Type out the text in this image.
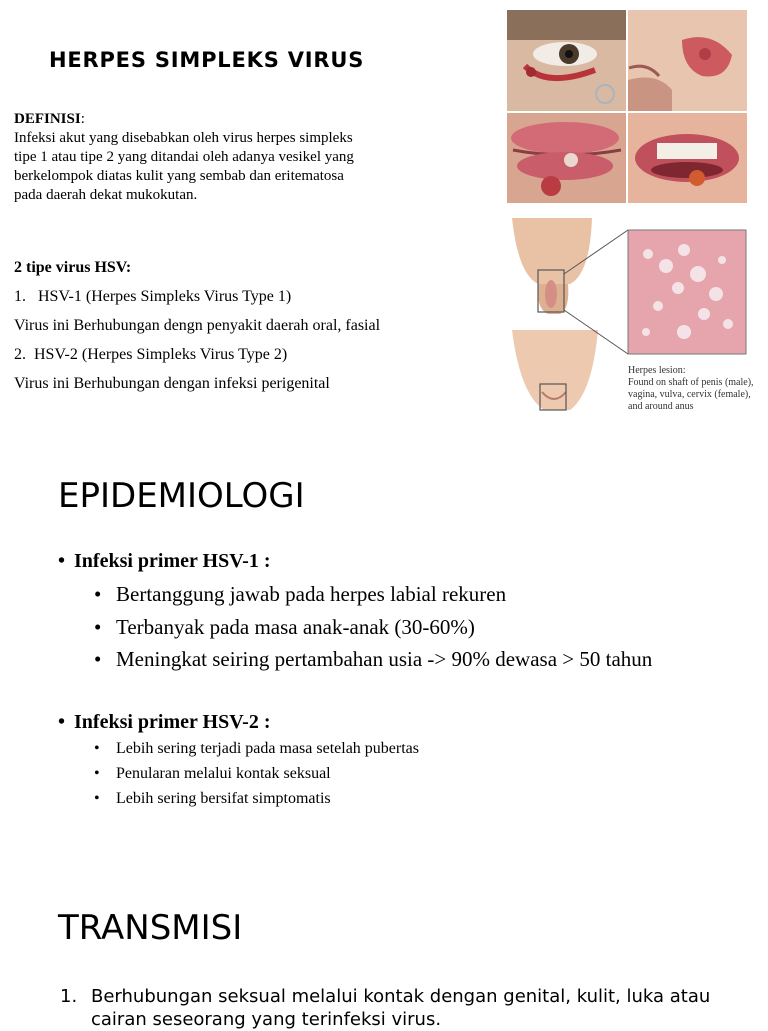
HERPES SIMPLEKS VIRUS
DEFINISI:
Infeksi akut yang disebabkan oleh virus herpes simpleks
tipe 1 atau tipe 2 yang ditandai oleh adanya vesikel yang
berkelompok diatas kulit yang sembab dan eritematosa
pada daerah dekat mukokutan.
2 tipe virus HSV:
1. HSV-1 (Herpes Simpleks Virus Type 1)
Virus ini Berhubungan dengn penyakit daerah oral, fasial
2. HSV-2 (Herpes Simpleks Virus Type 2)
Virus ini Berhubungan dengan infeksi perigenital
Herpes lesion:
Found on shaft of penis (male),
vagina, vulva, cervix (female),
and around anus
EPIDEMIOLOGI
• Infeksi primer HSV-1 :
• Bertanggung jawab pada herpes labial rekuren
• Terbanyak pada masa anak-anak (30-60%)
• Meningkat seiring pertambahan usia -> 90% dewasa > 50 tahun
• Infeksi primer HSV-2 :
• Lebih sering terjadi pada masa setelah pubertas
• Penularan melalui kontak seksual
• Lebih sering bersifat simptomatis
TRANSMISI
1. Berhubungan seksual melalui kontak dengan genital, kulit, luka atau
cairan seseorang yang terinfeksi virus.
